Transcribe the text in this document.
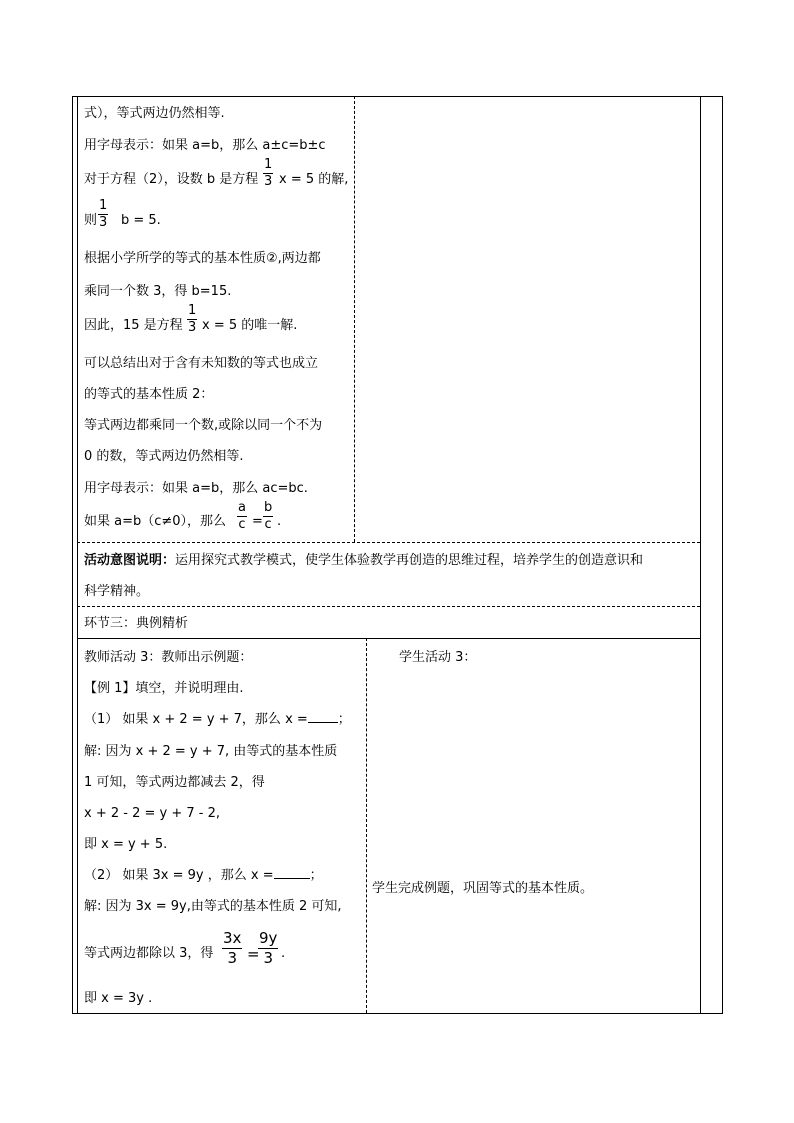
式），等式两边仍然相等.
用字母表示：如果 a=b，那么 a±c=b±c
对于方程（2），设数 b 是方程
1
3 x = 5 的解,
则
1
3 b = 5.
根据小学所学的等式的基本性质②,两边都
乘同一个数 3，得 b=15.
因此，15 是方程
1
3 x = 5 的唯一解.
可以总结出对于含有未知数的等式也成立
的等式的基本性质 2：
等式两边都乘同一个数,或除以同一个不为
0 的数，等式两边仍然相等.
用字母表示：如果 a=b，那么 ac=bc.
如果 a=b（c≠0），那么
a
c =
b
c .
活动意图说明：运用探究式教学模式，使学生体验教学再创造的思维过程，培养学生的创造意识和
科学精神。
环节三：典例精析
教师活动 3：教师出示例题：
【例 1】填空，并说明理由.
（1） 如果 x + 2 = y + 7，那么 x = ；
解: 因为 x + 2 = y + 7, 由等式的基本性质
1 可知，等式两边都减去 2，得
x + 2 - 2 = y + 7 - 2,
即 x = y + 5.
（2） 如果 3x = 9y ，那么 x =	；
解: 因为 3x = 9y,由等式的基本性质 2 可知,
等式两边都除以 3，得
3x
3 =
9y
3 .
即 x = 3y .
学生活动 3：
学生完成例题，巩固等式的基本性质。
